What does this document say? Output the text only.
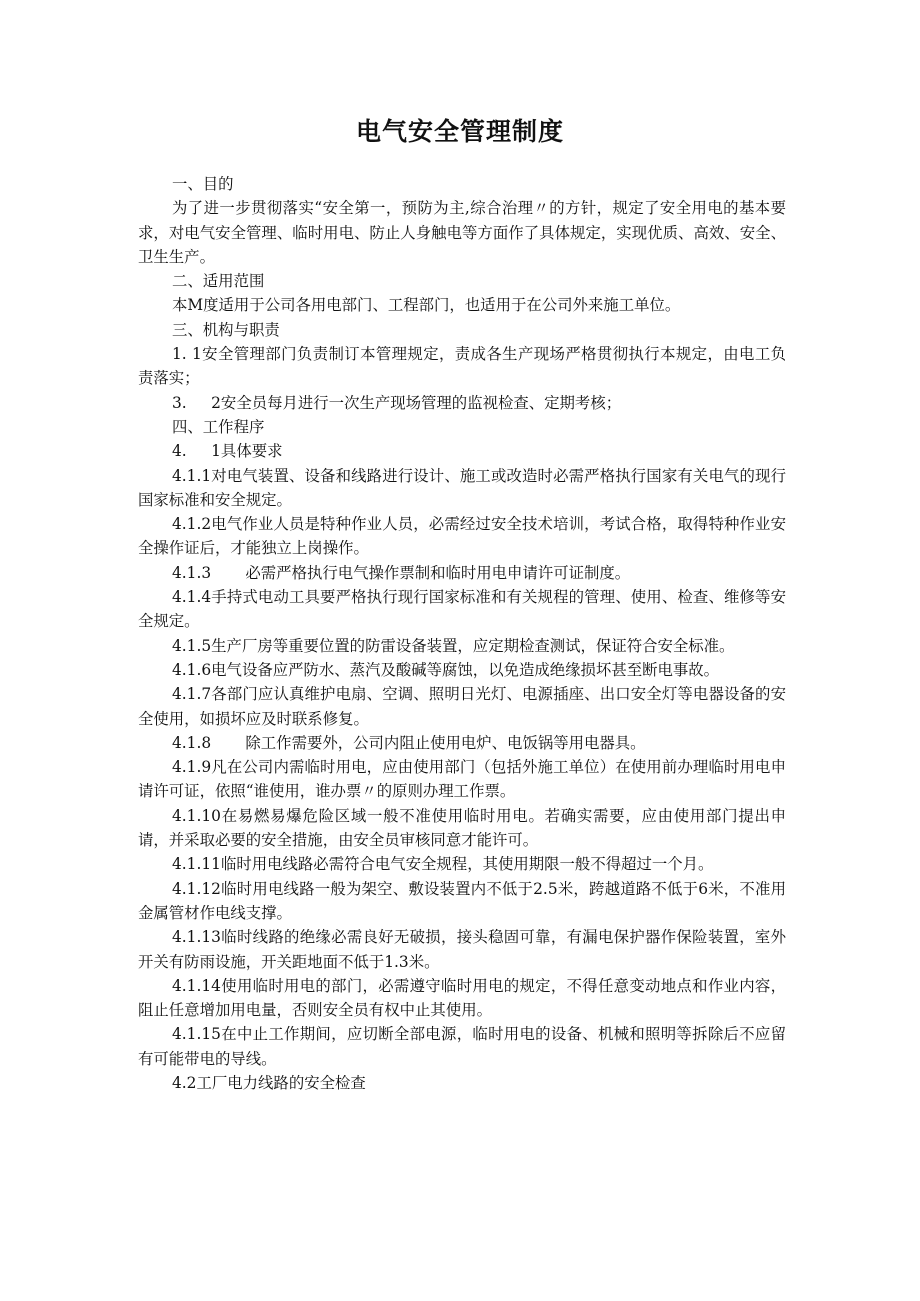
电气安全管理制度

一、目的

为了进一步贯彻落实“安全第一，预防为主,综合治理〃的方针，规定了安全用电的基本要求，对电气安全管理、临时用电、防止人身触电等方面作了具体规定，实现优质、高效、安全、卫生生产。

二、适用范围

本M度适用于公司各用电部门、工程部门，也适用于在公司外来施工单位。

三、机构与职责

1. 1安全管理部门负责制订本管理规定，责成各生产现场严格贯彻执行本规定，由电工负责落实；

3.     2安全员每月进行一次生产现场管理的监视检查、定期考核；

四、工作程序

4.     1具体要求

4.1.1对电气装置、设备和线路进行设计、施工或改造时必需严格执行国家有关电气的现行国家标准和安全规定。

4.1.2电气作业人员是特种作业人员，必需经过安全技术培训，考试合格，取得特种作业安全操作证后，才能独立上岗操作。

4.1.3       必需严格执行电气操作票制和临时用电申请许可证制度。

4.1.4手持式电动工具要严格执行现行国家标准和有关规程的管理、使用、检查、维修等安全规定。

4.1.5生产厂房等重要位置的防雷设备装置，应定期检查测试，保证符合安全标准。

4.1.6电气设备应严防水、蒸汽及酸碱等腐蚀，以免造成绝缘损坏甚至断电事故。

4.1.7各部门应认真维护电扇、空调、照明日光灯、电源插座、出口安全灯等电器设备的安全使用，如损坏应及时联系修复。

4.1.8       除工作需要外，公司内阻止使用电炉、电饭锅等用电器具。

4.1.9凡在公司内需临时用电，应由使用部门（包括外施工单位）在使用前办理临时用电申请许可证，依照“谁使用，谁办票〃的原则办理工作票。

4.1.10在易燃易爆危险区域一般不准使用临时用电。若确实需要，应由使用部门提出申请，并采取必要的安全措施，由安全员审核同意才能许可。

4.1.11临时用电线路必需符合电气安全规程，其使用期限一般不得超过一个月。

4.1.12临时用电线路一般为架空、敷设装置内不低于2.5米，跨越道路不低于6米，不准用金属管材作电线支撑。

4.1.13临时线路的绝缘必需良好无破损，接头稳固可靠，有漏电保护器作保险装置，室外开关有防雨设施，开关距地面不低于1.3米。

4.1.14使用临时用电的部门，必需遵守临时用电的规定，不得任意变动地点和作业内容，阻止任意增加用电量，否则安全员有权中止其使用。

4.1.15在中止工作期间，应切断全部电源，临时用电的设备、机械和照明等拆除后不应留有可能带电的导线。

4.2工厂电力线路的安全检查
